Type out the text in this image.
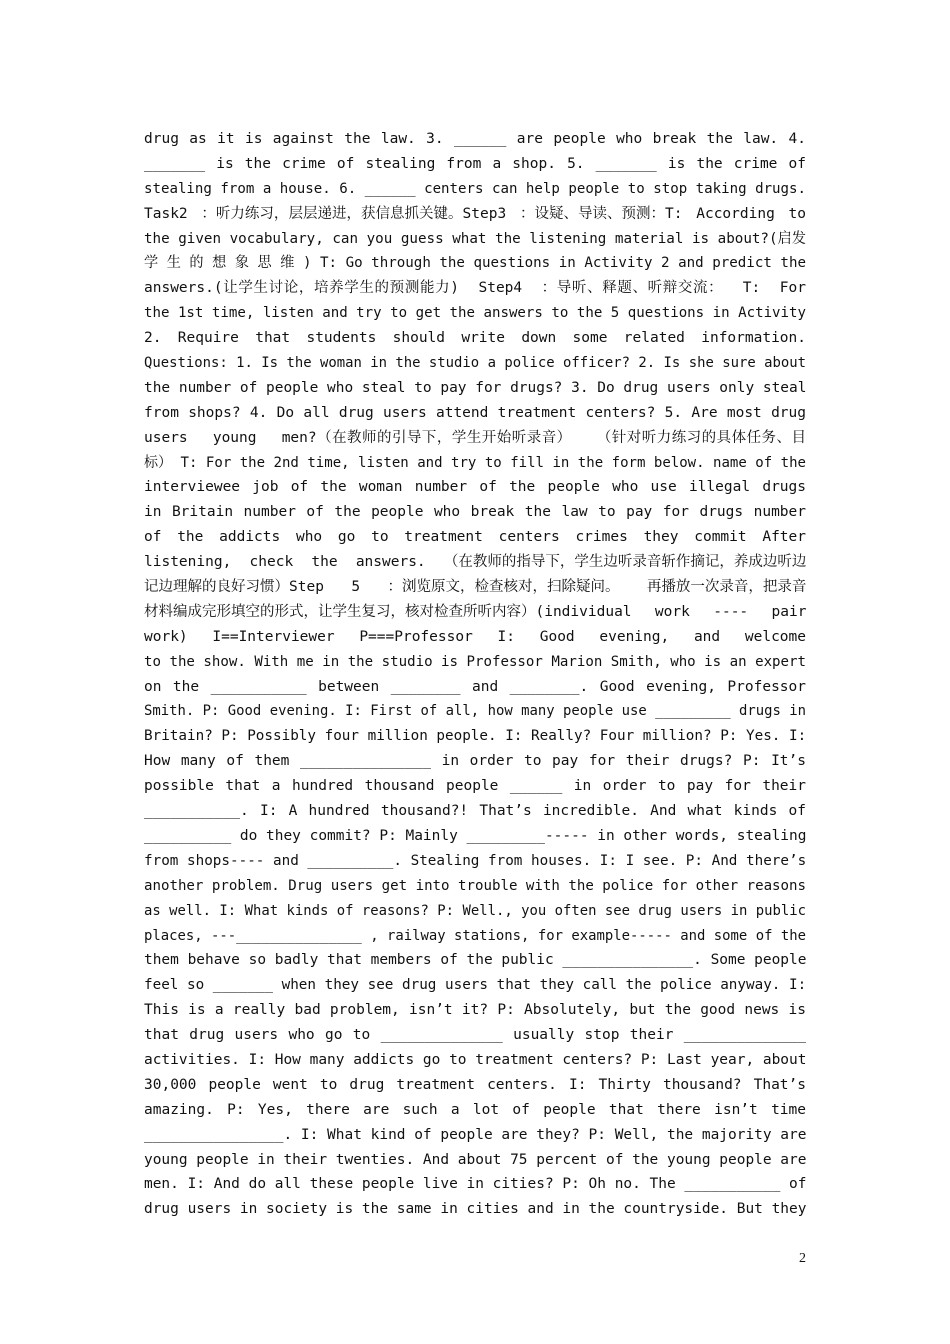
drug as it is against the law. 3. ______ are people who break the law. 4.
_______ is the crime of stealing from a shop. 5. _______ is the crime of
stealing from a house. 6. ______ centers can help people to stop taking drugs.
Task2 ：听力练习，层层递进，获信息抓关键。Step3 ：设疑、导读、预测：T: According to
the given vocabulary, can you guess what the listening material is about?(启发
学 生 的 想 象 思 维 ) T: Go through the questions in Activity 2 and predict the
answers.(让学生讨论，培养学生的预测能力) Step4 ：导听、释题、听辩交流： T: For
the 1st time, listen and try to get the answers to the 5 questions in Activity
2. Require that students should write down some related information.
Questions: 1. Is the woman in the studio a police officer? 2. Is she sure about
the number of people who steal to pay for drugs? 3. Do drug users only steal
from shops? 4. Do all drug users attend treatment centers? 5. Are most drug
users young men?（在教师的引导下，学生开始听录音） （针对听力练习的具体任务、目
标） T: For the 2nd time, listen and try to fill in the form below. name of the
interviewee job of the woman number of the people who use illegal drugs
in Britain number of the people who break the law to pay for drugs number
of the addicts who go to treatment centers crimes they commit After
listening, check the answers. （在教师的指导下，学生边听录音斩作摘记，养成边听边
记边理解的良好习惯）Step 5 ：浏览原文，检查核对，扫除疑问。 再播放一次录音，把录音
材料编成完形填空的形式，让学生复习，核对检查所听内容）(individual work ---- pair
work) I==Interviewer P===Professor I: Good evening, and welcome
to the show. With me in the studio is Professor Marion Smith, who is an expert
on the ___________ between ________ and ________. Good evening, Professor
Smith. P: Good evening. I: First of all, how many people use _________ drugs in
Britain? P: Possibly four million people. I: Really? Four million? P: Yes. I:
How many of them _______________ in order to pay for their drugs? P: It’s
possible that a hundred thousand people ______ in order to pay for their
___________. I: A hundred thousand?! That’s incredible. And what kinds of
__________ do they commit? P: Mainly _________----- in other words, stealing
from shops---- and __________. Stealing from houses. I: I see. P: And there’s
another problem. Drug users get into trouble with the police for other reasons
as well. I: What kinds of reasons? P: Well., you often see drug users in public
places, ---_______________ , railway stations, for example----- and some of the
them behave so badly that members of the public _______________. Some people
feel so _______ when they see drug users that they call the police anyway. I:
This is a really bad problem, isn’t it? P: Absolutely, but the good news is
that drug users who go to ______________ usually stop their ______________
activities. I: How many addicts go to treatment centers? P: Last year, about
30,000 people went to drug treatment centers. I: Thirty thousand? That’s
amazing. P: Yes, there are such a lot of people that there isn’t time
________________. I: What kind of people are they? P: Well, the majority are
young people in their twenties. And about 75 percent of the young people are
men. I: And do all these people live in cities? P: Oh no. The ___________ of
drug users in society is the same in cities and in the countryside. But they
2
